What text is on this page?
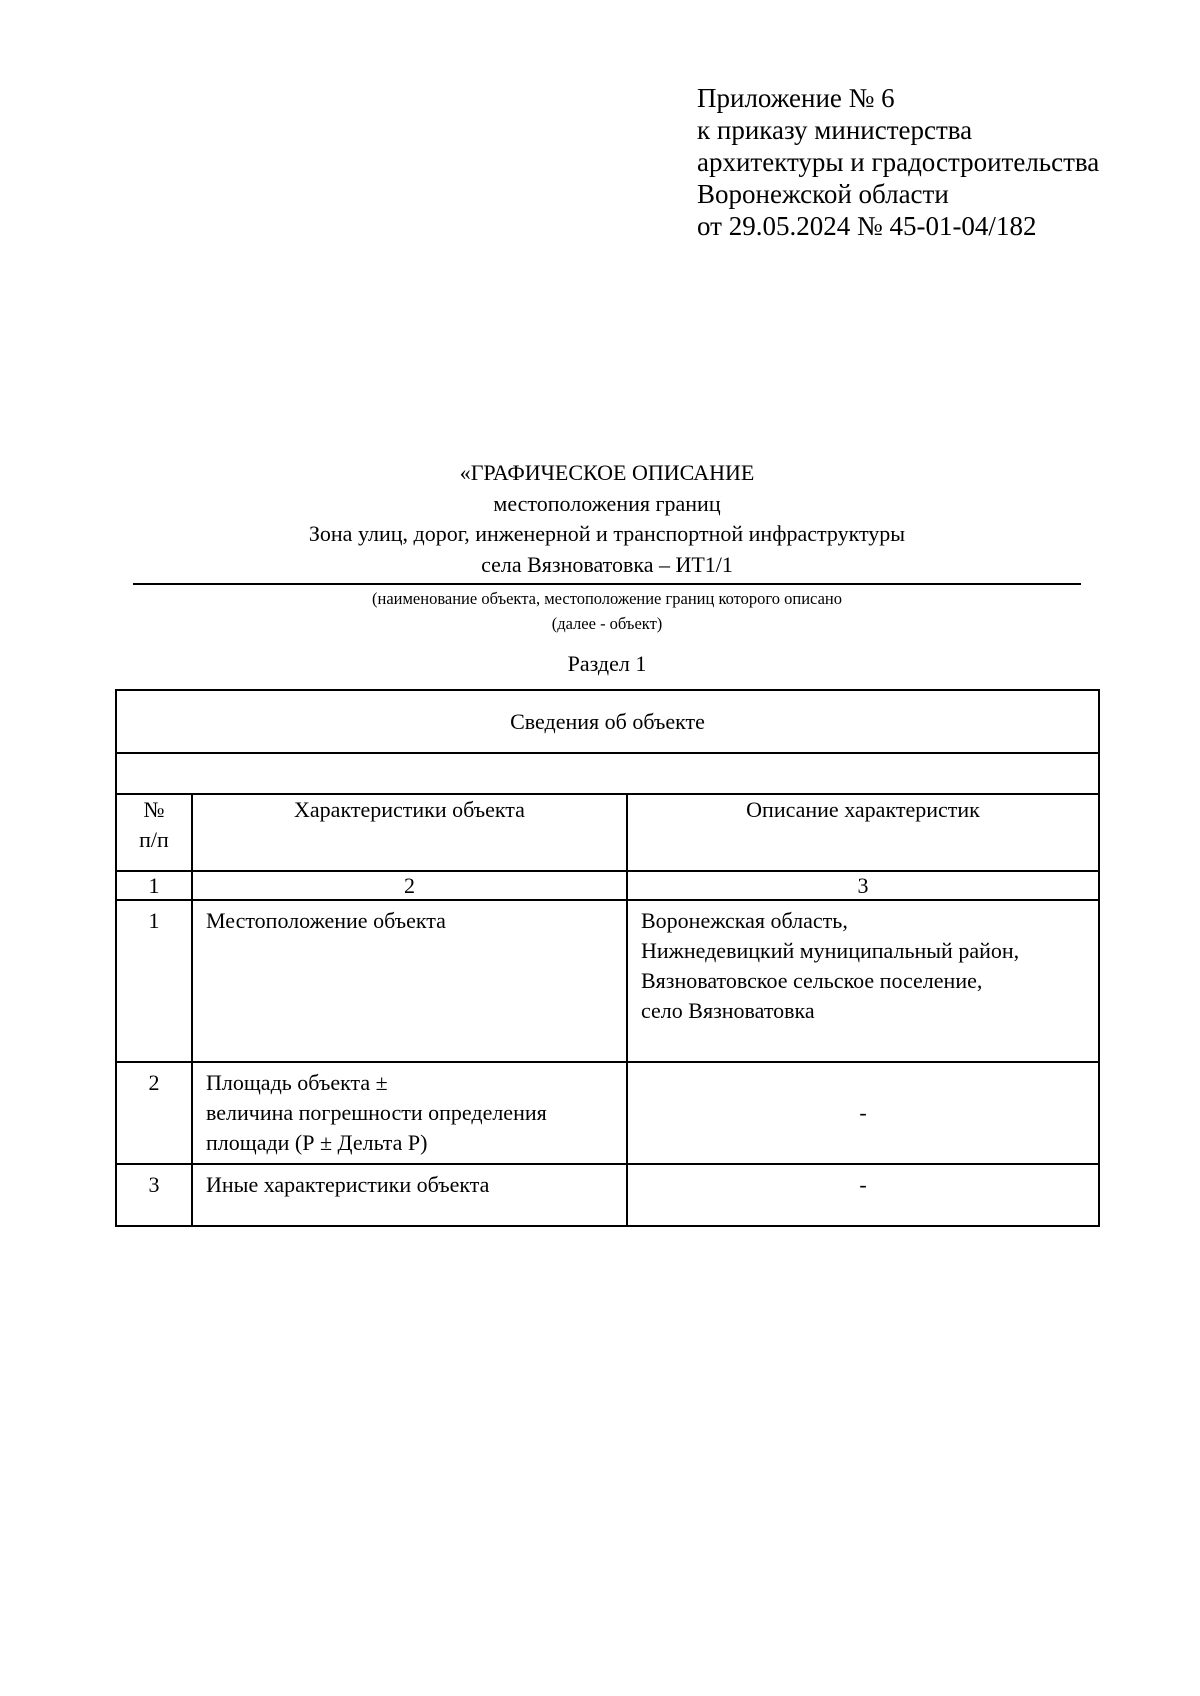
Приложение № 6
к приказу министерства
архитектуры и градостроительства
Воронежской области
от 29.05.2024 № 45-01-04/182
«ГРАФИЧЕСКОЕ ОПИСАНИЕ
местоположения границ
Зона улиц, дорог, инженерной и транспортной инфраструктуры
села Вязноватовка – ИТ1/1
(наименование объекта, местоположение границ которого описано
(далее - объект)
Раздел 1
Сведения об объекте		

№
п/п	Характеристики объекта	Описание характеристик
1	2	3
1	Местоположение объекта	Воронежская область,
Нижнедевицкий муниципальный район,
Вязноватовское сельское поселение,
село Вязноватовка

2	Площадь объекта ±
величина погрешности определения
площади (Р ± Дельта Р)	-
3	Иные характеристики объекта	-
